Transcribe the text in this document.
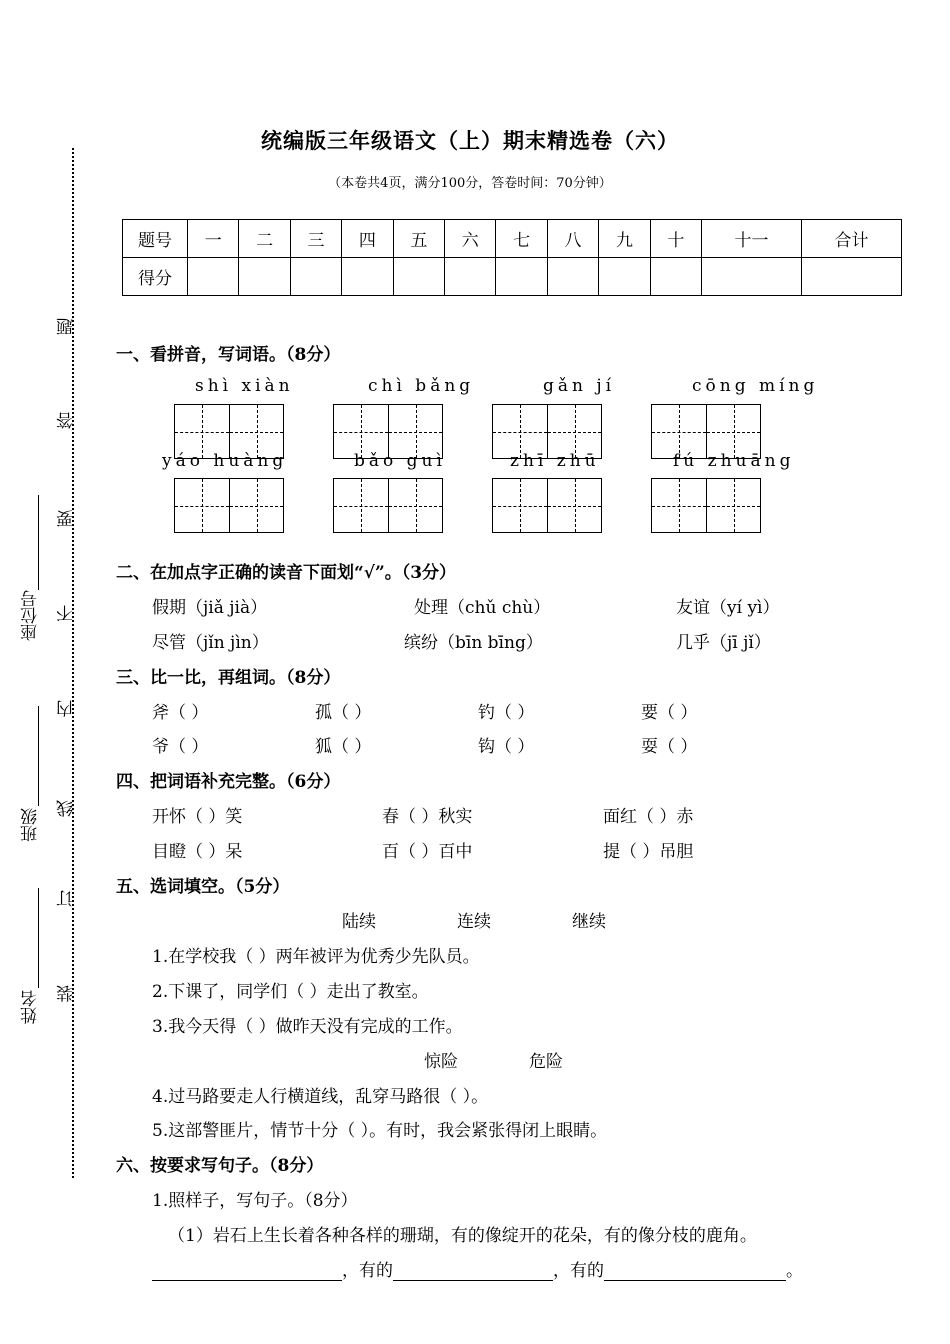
姓名
班级
座位号
装
订
线
内
不
要
答
题
统编版三年级语文（上）期末精选卷（六）
（本卷共4页，满分100分，答卷时间：70分钟）
题号	一	二	三	四	五	六	七	八	九	十	十一	合计
得分												
一、看拼音，写词语。（8分）
shì xiàn	chì bǎng	gǎn jí	cōng míng
yáo huàng	bǎo guì	zhī zhū	fú zhuāng
二、在加点字正确的读音下面划“√”。（3分）
假期（jiǎ jià）	处理（chǔ chù）	友谊（yí yì）
尽管（jǐn jìn）	缤纷（bīn bīng）	几乎（jī jǐ）
三、比一比，再组词。（8分）
斧（ ）	孤（ ）	钓（ ）	要（ ）
爷（ ）	狐（ ）	钩（ ）	耍（ ）
四、把词语补充完整。（6分）
开怀（ ）笑	春（ ）秋实	面红（ ）赤
目瞪（ ）呆	百（ ）百中	提（ ）吊胆
五、选词填空。（5分）
陆续	连续	继续
1.在学校我（ ）两年被评为优秀少先队员。
2.下课了，同学们（ ）走出了教室。
3.我今天得（ ）做昨天没有完成的工作。
惊险	危险
4.过马路要走人行横道线，乱穿马路很（ ）。
5.这部警匪片，情节十分（ ）。有时，我会紧张得闭上眼睛。
六、按要求写句子。（8分）
1.照样子，写句子。（8分）
（1）岩石上生长着各种各样的珊瑚，有的像绽开的花朵，有的像分枝的鹿角。
，有的	，有的	。
